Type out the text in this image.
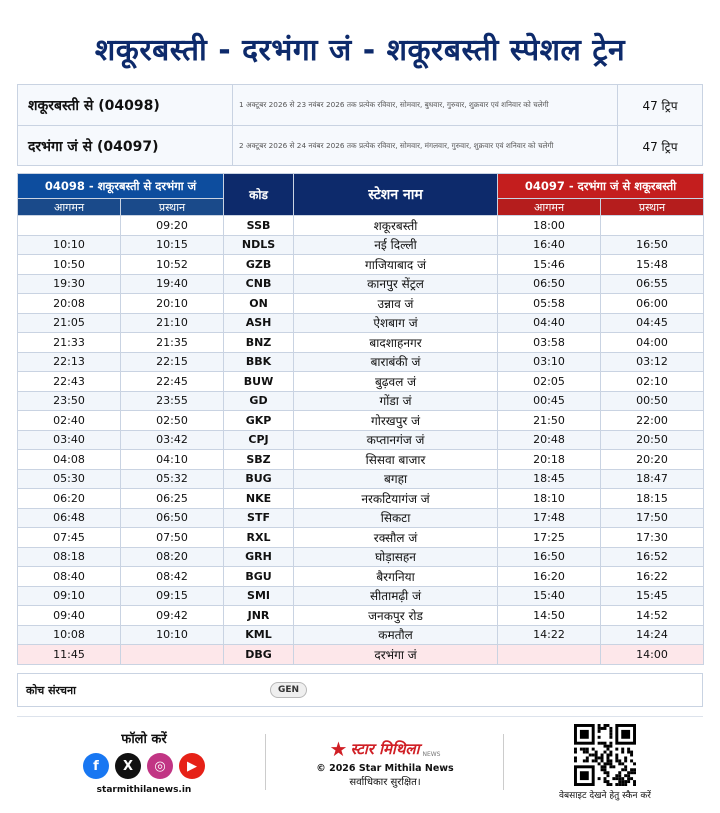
शकूरबस्ती - दरभंगा जं - शकूरबस्ती स्पेशल ट्रेन
शकूरबस्ती से (04098)	1 अक्टूबर 2026 से 23 नवंबर 2026 तक प्रत्येक रविवार, सोमवार, बुधवार, गुरुवार, शुक्रवार एवं शनिवार को चलेगी	47 ट्रिप
दरभंगा जं से (04097)	2 अक्टूबर 2026 से 24 नवंबर 2026 तक प्रत्येक रविवार, सोमवार, मंगलवार, गुरुवार, शुक्रवार एवं शनिवार को चलेगी	47 ट्रिप
04098 - शकूरबस्ती से दरभंगा जं		कोड	स्टेशन नाम	04097 - दरभंगा जं से शकूरबस्ती	
आगमन	प्रस्थान			आगमन	प्रस्थान
	09:20	SSB	शकूरबस्ती	18:00	
10:10	10:15	NDLS	नई दिल्ली	16:40	16:50
10:50	10:52	GZB	गाजियाबाद जं	15:46	15:48
19:30	19:40	CNB	कानपुर सेंट्रल	06:50	06:55
20:08	20:10	ON	उन्नाव जं	05:58	06:00
21:05	21:10	ASH	ऐशबाग जं	04:40	04:45
21:33	21:35	BNZ	बादशाहनगर	03:58	04:00
22:13	22:15	BBK	बाराबंकी जं	03:10	03:12
22:43	22:45	BUW	बुढ़वल जं	02:05	02:10
23:50	23:55	GD	गोंडा जं	00:45	00:50
02:40	02:50	GKP	गोरखपुर जं	21:50	22:00
03:40	03:42	CPJ	कप्तानगंज जं	20:48	20:50
04:08	04:10	SBZ	सिसवा बाजार	20:18	20:20
05:30	05:32	BUG	बगहा	18:45	18:47
06:20	06:25	NKE	नरकटियागंज जं	18:10	18:15
06:48	06:50	STF	सिकटा	17:48	17:50
07:45	07:50	RXL	रक्सौल जं	17:25	17:30
08:18	08:20	GRH	घोड़ासहन	16:50	16:52
08:40	08:42	BGU	बैरगनिया	16:20	16:22
09:10	09:15	SMI	सीतामढ़ी जं	15:40	15:45
09:40	09:42	JNR	जनकपुर रोड	14:50	14:52
10:08	10:10	KML	कमतौल	14:22	14:24
11:45		DBG	दरभंगा जं		14:00
कोच संरचना	GEN
फॉलो करें
f	X	◎	▶
starmithilanews.in
★ स्टार मिथिला NEWS
© 2026 Star Mithila News
सर्वाधिकार सुरक्षित।
वेबसाइट देखने हेतु स्कैन करें
